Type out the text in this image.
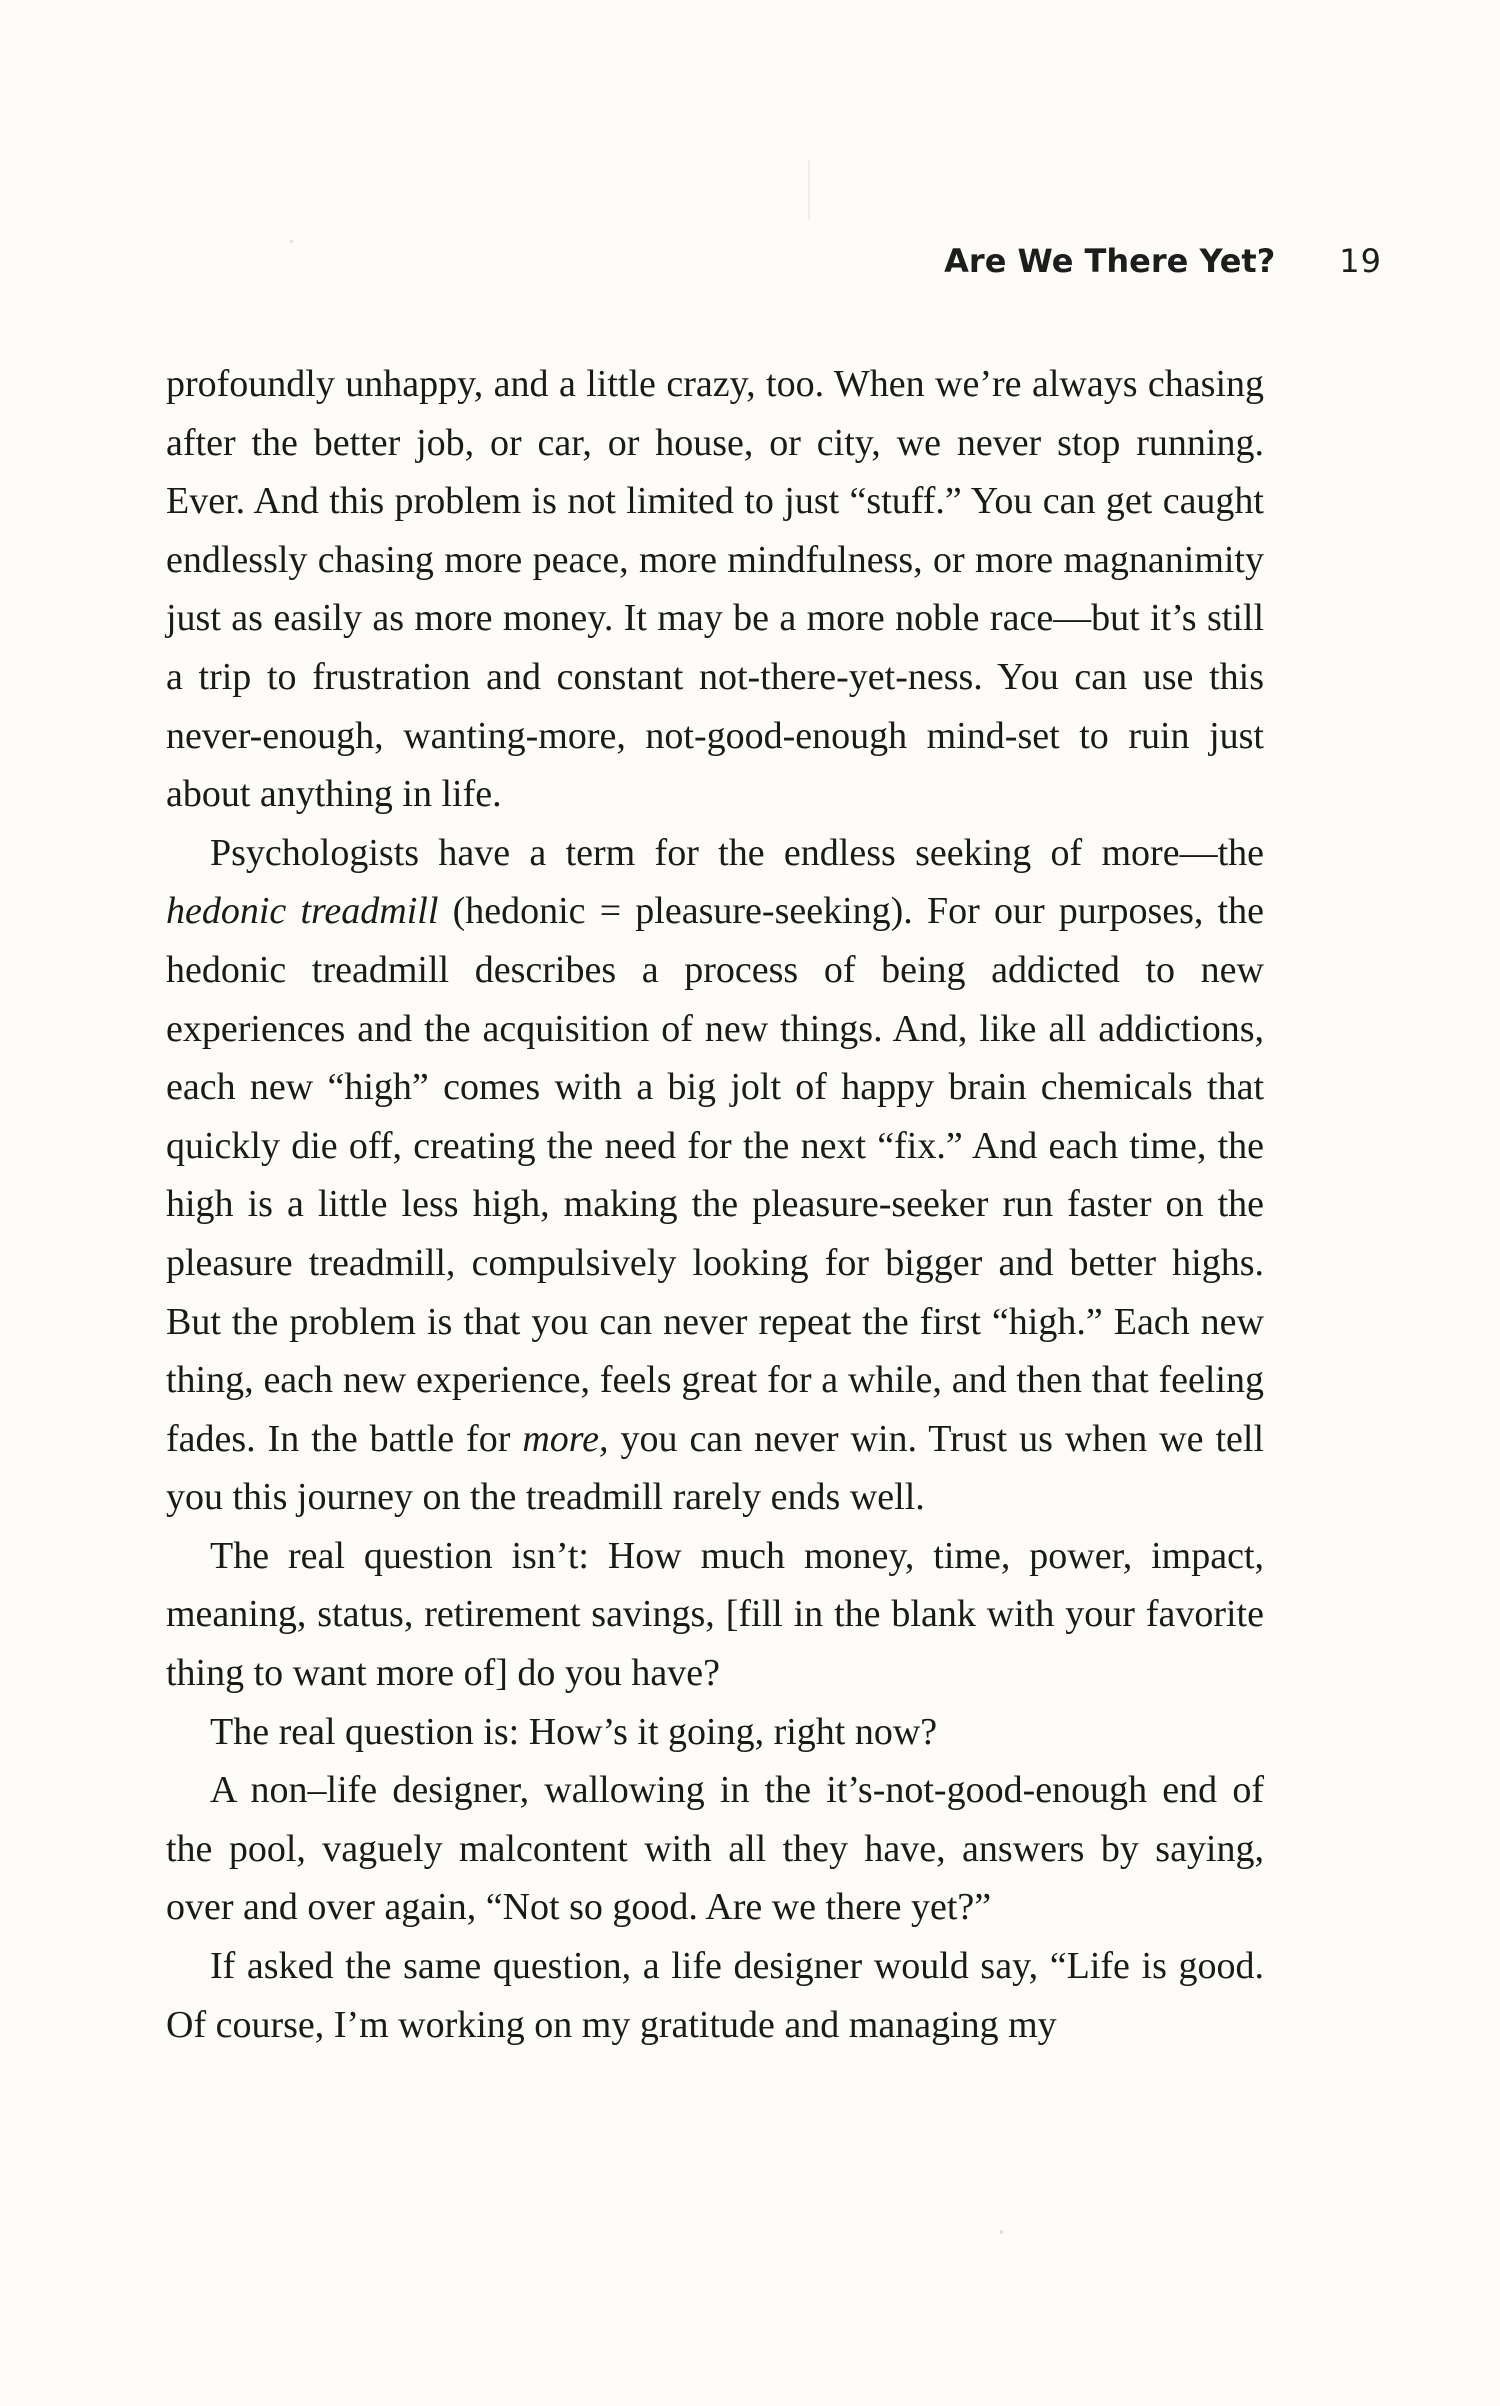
Are We There Yet? 19

profoundly unhappy, and a little crazy, too. When we’re always chasing after the better job, or car, or house, or city, we never stop running. Ever. And this problem is not limited to just “stuff.” You can get caught endlessly chasing more peace, more mindfulness, or more magnanimity just as easily as more money. It may be a more noble race—but it’s still a trip to frustration and constant not-there-yet-ness. You can use this never-enough, wanting-more, not-good-enough mind-set to ruin just about anything in life.

Psychologists have a term for the endless seeking of more—the hedonic treadmill (hedonic = pleasure-seeking). For our purposes, the hedonic treadmill describes a process of being addicted to new experiences and the acquisition of new things. And, like all addictions, each new “high” comes with a big jolt of happy brain chemicals that quickly die off, creating the need for the next “fix.” And each time, the high is a little less high, making the pleasure-seeker run faster on the pleasure treadmill, compulsively looking for bigger and better highs. But the problem is that you can never repeat the first “high.” Each new thing, each new experience, feels great for a while, and then that feeling fades. In the battle for more, you can never win. Trust us when we tell you this journey on the treadmill rarely ends well.

The real question isn’t: How much money, time, power, impact, meaning, status, retirement savings, [fill in the blank with your favorite thing to want more of] do you have?

The real question is: How’s it going, right now?

A non–life designer, wallowing in the it’s-not-good-enough end of the pool, vaguely malcontent with all they have, answers by saying, over and over again, “Not so good. Are we there yet?”

If asked the same question, a life designer would say, “Life is good. Of course, I’m working on my gratitude and managing my
